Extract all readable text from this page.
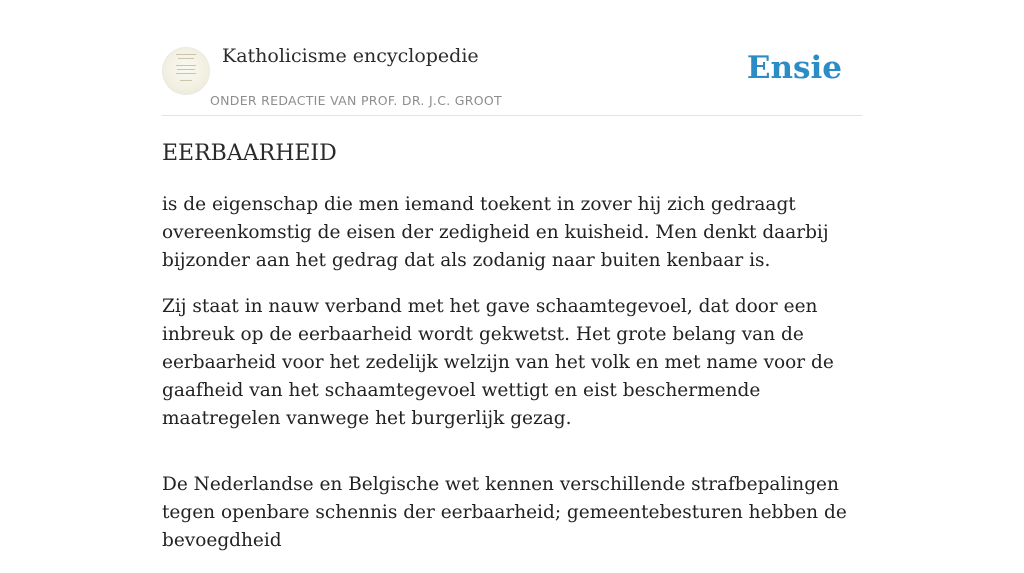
Katholicisme encyclopedie
ONDER REDACTIE VAN PROF. DR. J.C. GROOT
Ensie
EERBAARHEID

is de eigenschap die men iemand toekent in zover hij zich gedraagt overeenkomstig de eisen der zedigheid en kuisheid. Men denkt daarbij bijzonder aan het gedrag dat als zodanig naar buiten kenbaar is.

Zij staat in nauw verband met het gave schaamtegevoel, dat door een inbreuk op de eerbaarheid wordt gekwetst. Het grote belang van de eerbaarheid voor het zedelijk welzijn van het volk en met name voor de gaafheid van het schaamtegevoel wettigt en eist beschermende maatregelen vanwege het burgerlijk gezag.

De Nederlandse en Belgische wet kennen verschillende strafbepalingen tegen openbare schennis der eerbaarheid; gemeentebesturen hebben de bevoegdheid
